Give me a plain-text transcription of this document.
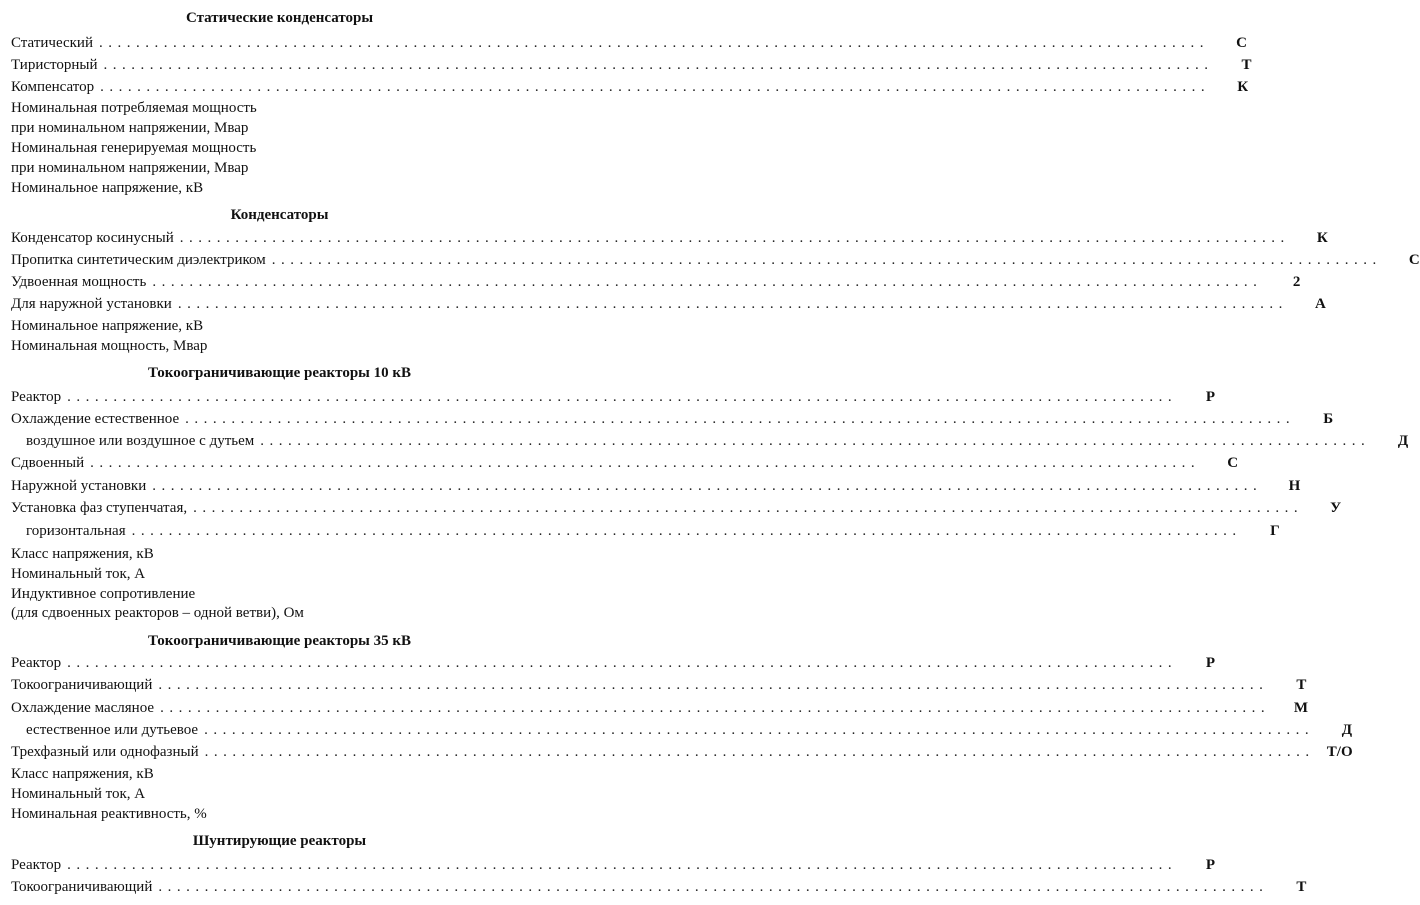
Статические конденсаторы
Статический ........................................................................................................................	С
Тиристорный ........................................................................................................................	Т
Компенсатор ........................................................................................................................	К
Номинальная потребляемая мощность
при номинальном напряжении, Мвар
Номинальная генерируемая мощность
при номинальном напряжении, Мвар
Номинальное напряжение, кВ
Конденсаторы
Конденсатор косинусный ........................................................................................................................	К
Пропитка синтетическим диэлектриком ........................................................................................................................	С
Удвоенная мощность ........................................................................................................................	2
Для наружной установки ........................................................................................................................	А
Номинальное напряжение, кВ
Номинальная мощность, Мвар
Токоограничивающие реакторы 10 кВ
Реактор ........................................................................................................................	Р
Охлаждение естественное ........................................................................................................................	Б
воздушное или воздушное с дутьем ........................................................................................................................	Д
Сдвоенный ........................................................................................................................	С
Наружной установки ........................................................................................................................	Н
Установка фаз ступенчатая, ........................................................................................................................	У
горизонтальная ........................................................................................................................	Г
Класс напряжения, кВ
Номинальный ток, А
Индуктивное сопротивление
(для сдвоенных реакторов – одной ветви), Ом
Токоограничивающие реакторы 35 кВ
Реактор ........................................................................................................................	Р
Токоограничивающий ........................................................................................................................	Т
Охлаждение масляное ........................................................................................................................	М
естественное или дутьевое ........................................................................................................................	Д
Трехфазный или однофазный ........................................................................................................................ Т/О
Класс напряжения, кВ
Номинальный ток, А
Номинальная реактивность, %
Шунтирующие реакторы
Реактор ........................................................................................................................	Р
Токоограничивающий ........................................................................................................................	Т
